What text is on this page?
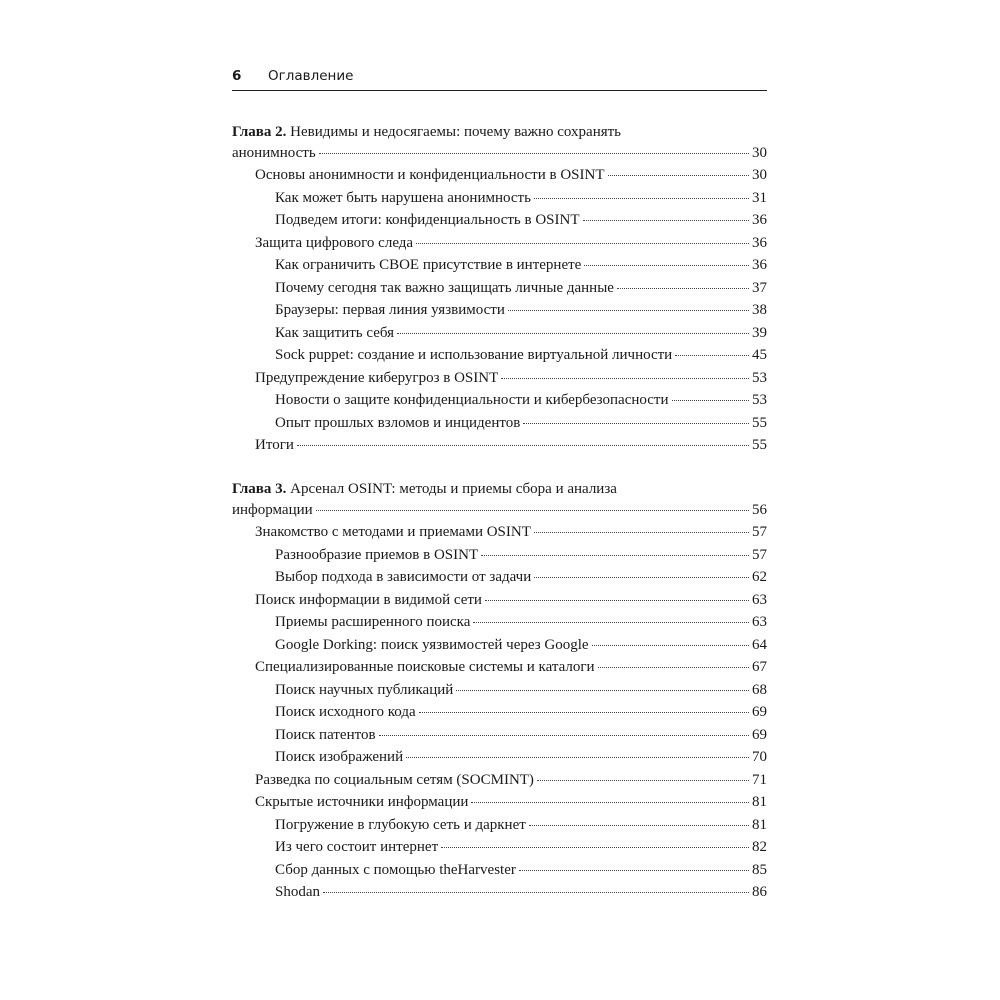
6 Оглавление
Глава 2. Невидимы и недосягаемы: почему важно сохранять
анонимность	30
Основы анонимности и конфиденциальности в OSINT	30
Как может быть нарушена анонимность	31
Подведем итоги: конфиденциальность в OSINT	36
Защита цифрового следа	36
Как ограничить СВОЕ присутствие в интернете	36
Почему сегодня так важно защищать личные данные	37
Браузеры: первая линия уязвимости	38
Как защитить себя	39
Sock puppet: создание и использование виртуальной личности	45
Предупреждение киберугроз в OSINT	53
Новости о защите конфиденциальности и кибербезопасности	53
Опыт прошлых взломов и инцидентов	55
Итоги	55
Глава 3. Арсенал OSINT: методы и приемы сбора и анализа
информации	56
Знакомство с методами и приемами OSINT	57
Разнообразие приемов в OSINT	57
Выбор подхода в зависимости от задачи	62
Поиск информации в видимой сети	63
Приемы расширенного поиска	63
Google Dorking: поиск уязвимостей через Google	64
Специализированные поисковые системы и каталоги	67
Поиск научных публикаций	68
Поиск исходного кода	69
Поиск патентов	69
Поиск изображений	70
Разведка по социальным сетям (SOCMINT)	71
Скрытые источники информации	81
Погружение в глубокую сеть и даркнет	81
Из чего состоит интернет	82
Сбор данных с помощью theHarvester	85
Shodan	86
